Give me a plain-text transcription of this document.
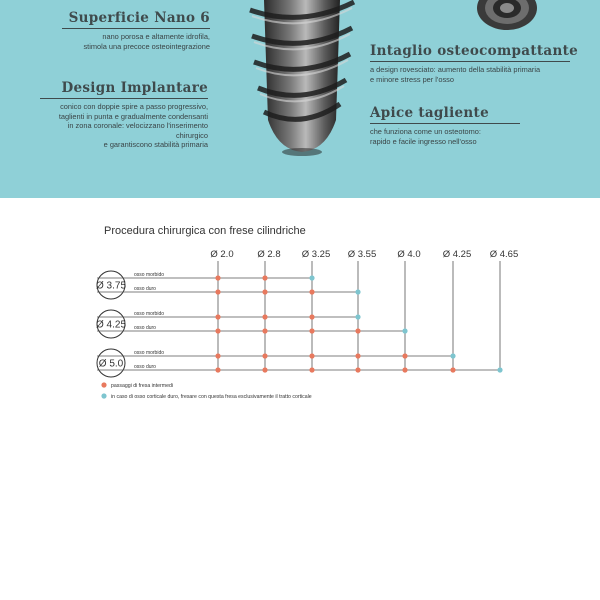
Superficie Nano 6

nano porosa e altamente idrofila,
stimola una precoce osteointegrazione

Design Implantare

conico con doppie spire a passo progressivo,
taglienti in punta e gradualmente condensanti
in zona coronale: velocizzano l'inserimento chirurgico
e garantiscono stabilità primaria

Intaglio osteocompattante

a design rovesciato: aumento della stabilità primaria
e minore stress per l'osso

Apice tagliente

che funziona come un osteotomo:
rapido e facile ingresso nell'osso

Procedura chirurgica con frese cilindriche
Ø 2.0	Ø 2.8 Ø 3.25 Ø 3.55 Ø 4.0 Ø 4.25 Ø 4.65
Ø 3.75
osso morbido
osso duro
Ø 4.25
osso morbido
osso duro
Ø 5.0
osso morbido
osso duro
passaggi di fresa intermedi
in caso di osso corticale duro, fresare con questa fresa esclusivamente il tratto corticale
